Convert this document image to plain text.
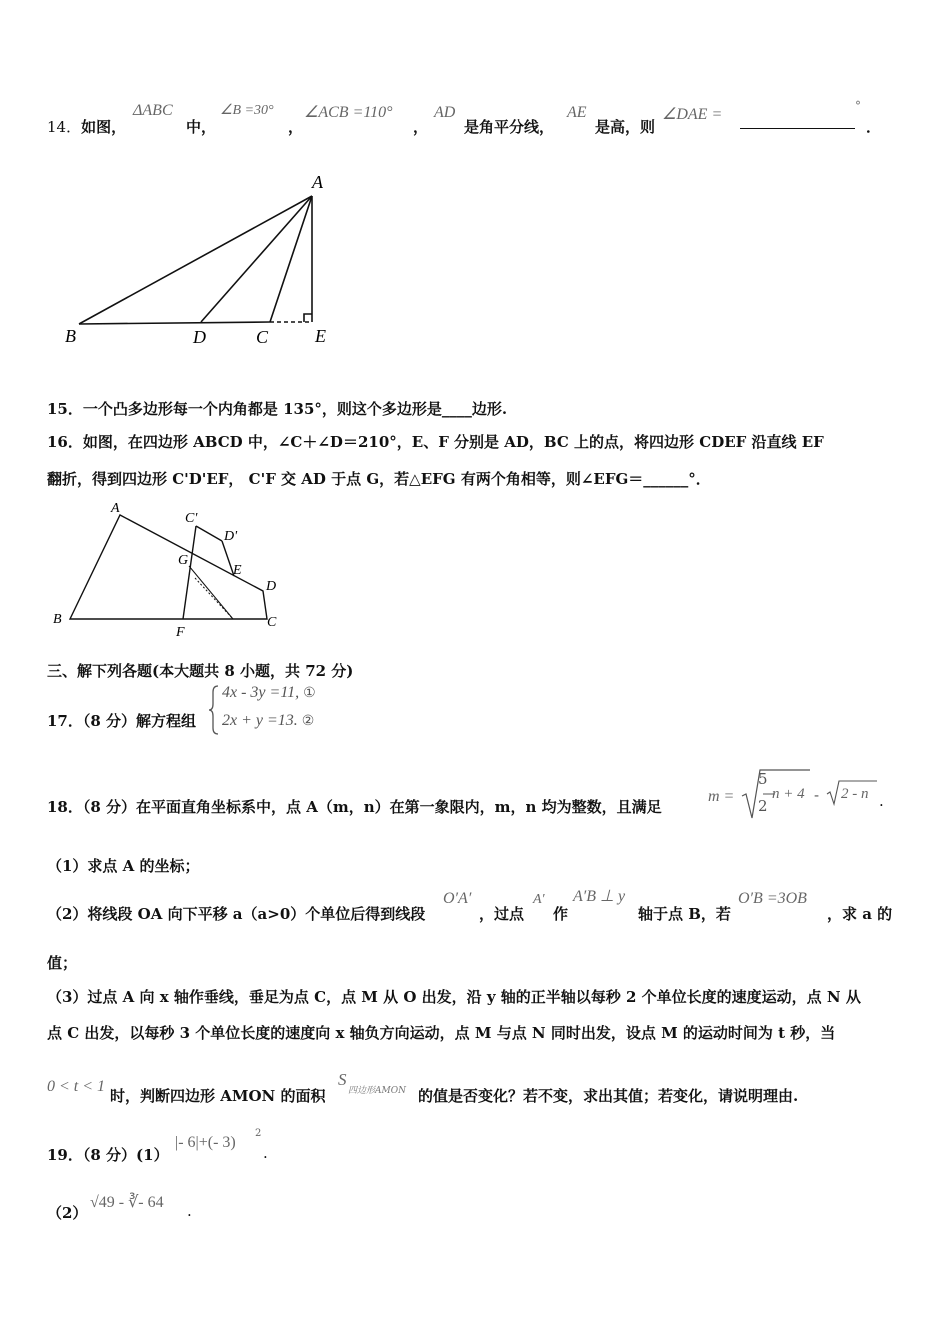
14．如图，
ΔABC
中，
∠B =30°
，
∠ACB =110°
，
AD
是角平分线，
AE
是高，则
∠DAE =	°
．
A
B	D	C	E
15．一个凸多边形每一个内角都是 135°，则这个多边形是____边形.
16．如图，在四边形 ABCD 中，∠C＋∠D＝210°，E、F 分别是 AD，BC 上的点，将四边形 CDEF 沿直线 EF
翻折，得到四边形 C'D'EF， C'F 交 AD 于点 G，若△EFG 有两个角相等，则∠EFG＝______°．
A
B
F
C
D
E
G
C'
D'
三、解下列各题(本大题共 8 小题，共 72 分)
17．（8 分）解方程组
4x - 3y =11, ①
2x + y =13. ②
18．（8 分）在平面直角坐标系中，点 A（m，n）在第一象限内，m，n 均为整数，且满足
m =
5
2
n + 4 - 2 - n .
（1）求点 A 的坐标；
（2）将线段 OA 向下平移 a（a>0）个单位后得到线段
O′A′
，过点
A′
作
A′B ⊥ y
轴于点 B，若
O′B =3OB
，求 a 的
值；
（3）过点 A 向 x 轴作垂线，垂足为点 C，点 M 从 O 出发，沿 y 轴的正半轴以每秒 2 个单位长度的速度运动，点 N 从
点 C 出发，以每秒 3 个单位长度的速度向 x 轴负方向运动，点 M 与点 N 同时出发，设点 M 的运动时间为 t 秒，当
0 < t < 1
时，判断四边形 AMON 的面积
S
四边形AMON 的值是否变化？若不变，求出其值；若变化，请说明理由.
19．（8 分）(1）
|- 6|+(- 3)
2
.
（2）
√49 - ∛- 64 .
